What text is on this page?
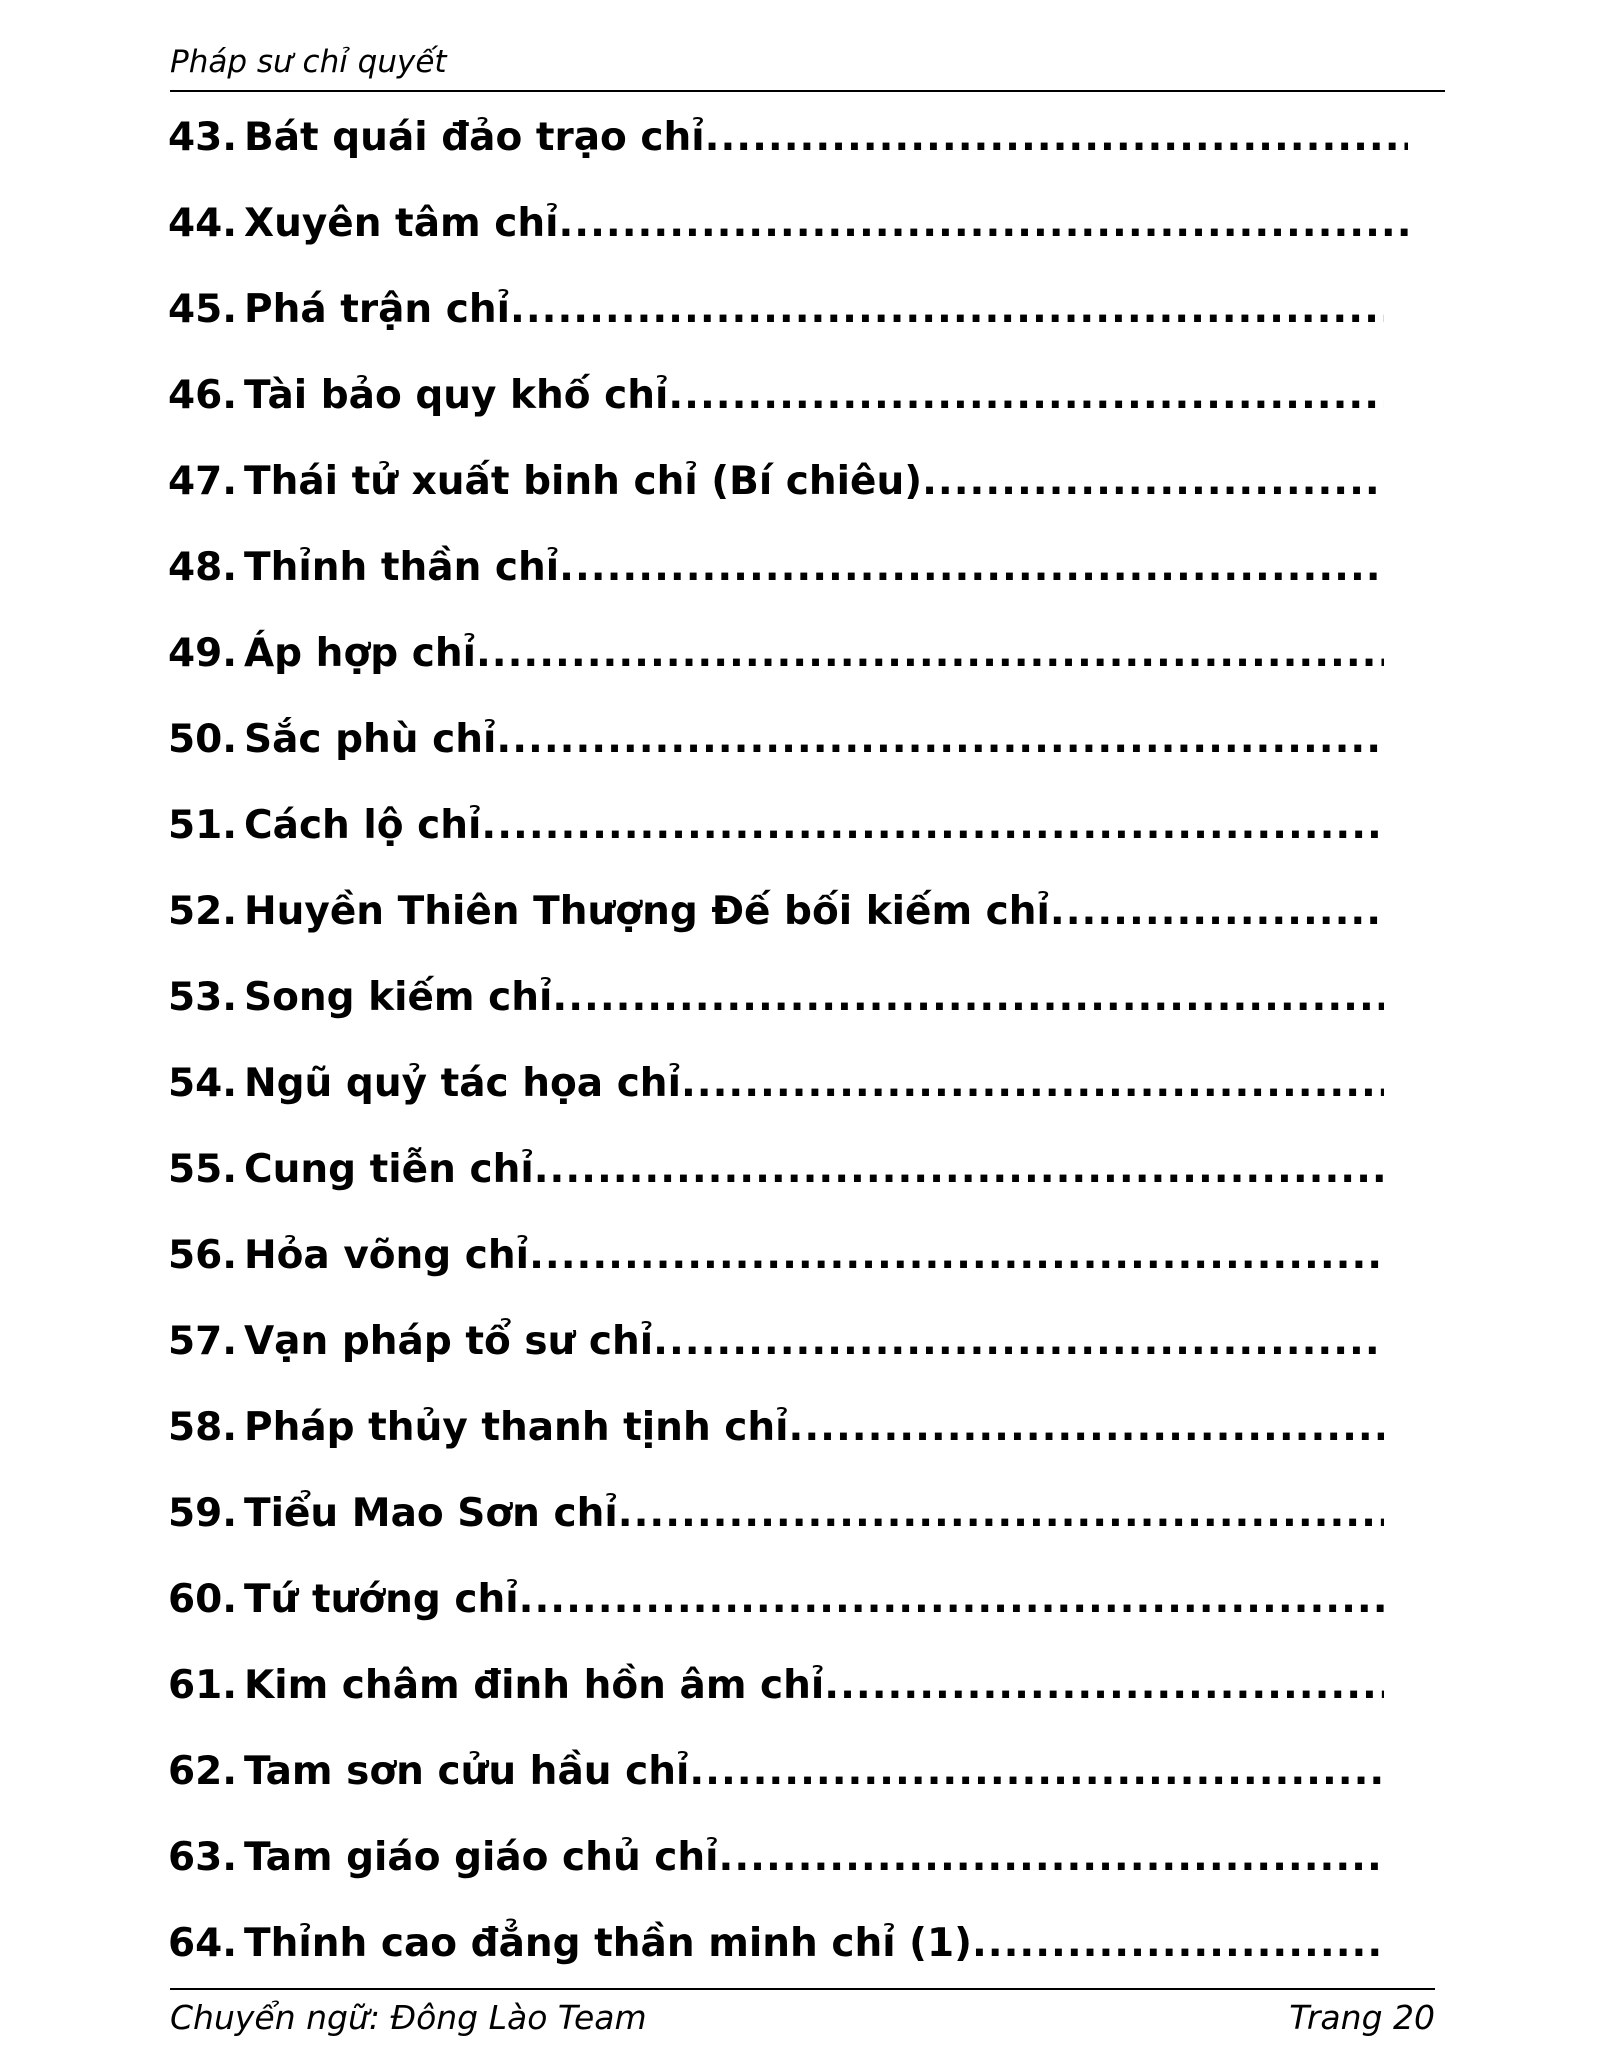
Pháp sư chỉ quyết
43. Bát quái đảo trạo chỉ
.....
44. Xuyên tâm chỉ
.....
45. Phá trận chỉ
.....
46. Tài bảo quy khố chỉ
.....
47. Thái tử xuất binh chỉ (Bí chiêu)
.....
48. Thỉnh thần chỉ
.....
49. Áp hợp chỉ
.....
50. Sắc phù chỉ
.....
51. Cách lộ chỉ
.....
52. Huyền Thiên Thượng Đế bối kiếm chỉ
.....
53. Song kiếm chỉ
.....
54. Ngũ quỷ tác họa chỉ
.....
55. Cung tiễn chỉ
.....
56. Hỏa võng chỉ
.....
57. Vạn pháp tổ sư chỉ
.....
58. Pháp thủy thanh tịnh chỉ
.....
59. Tiểu Mao Sơn chỉ
.....
60. Tứ tướng chỉ
.....
61. Kim châm đinh hồn âm chỉ
.....
62. Tam sơn cửu hầu chỉ
.....
63. Tam giáo giáo chủ chỉ
.....
64. Thỉnh cao đẳng thần minh chỉ (1)
.....
Chuyển ngữ: Đông Lào Team	Trang 20
